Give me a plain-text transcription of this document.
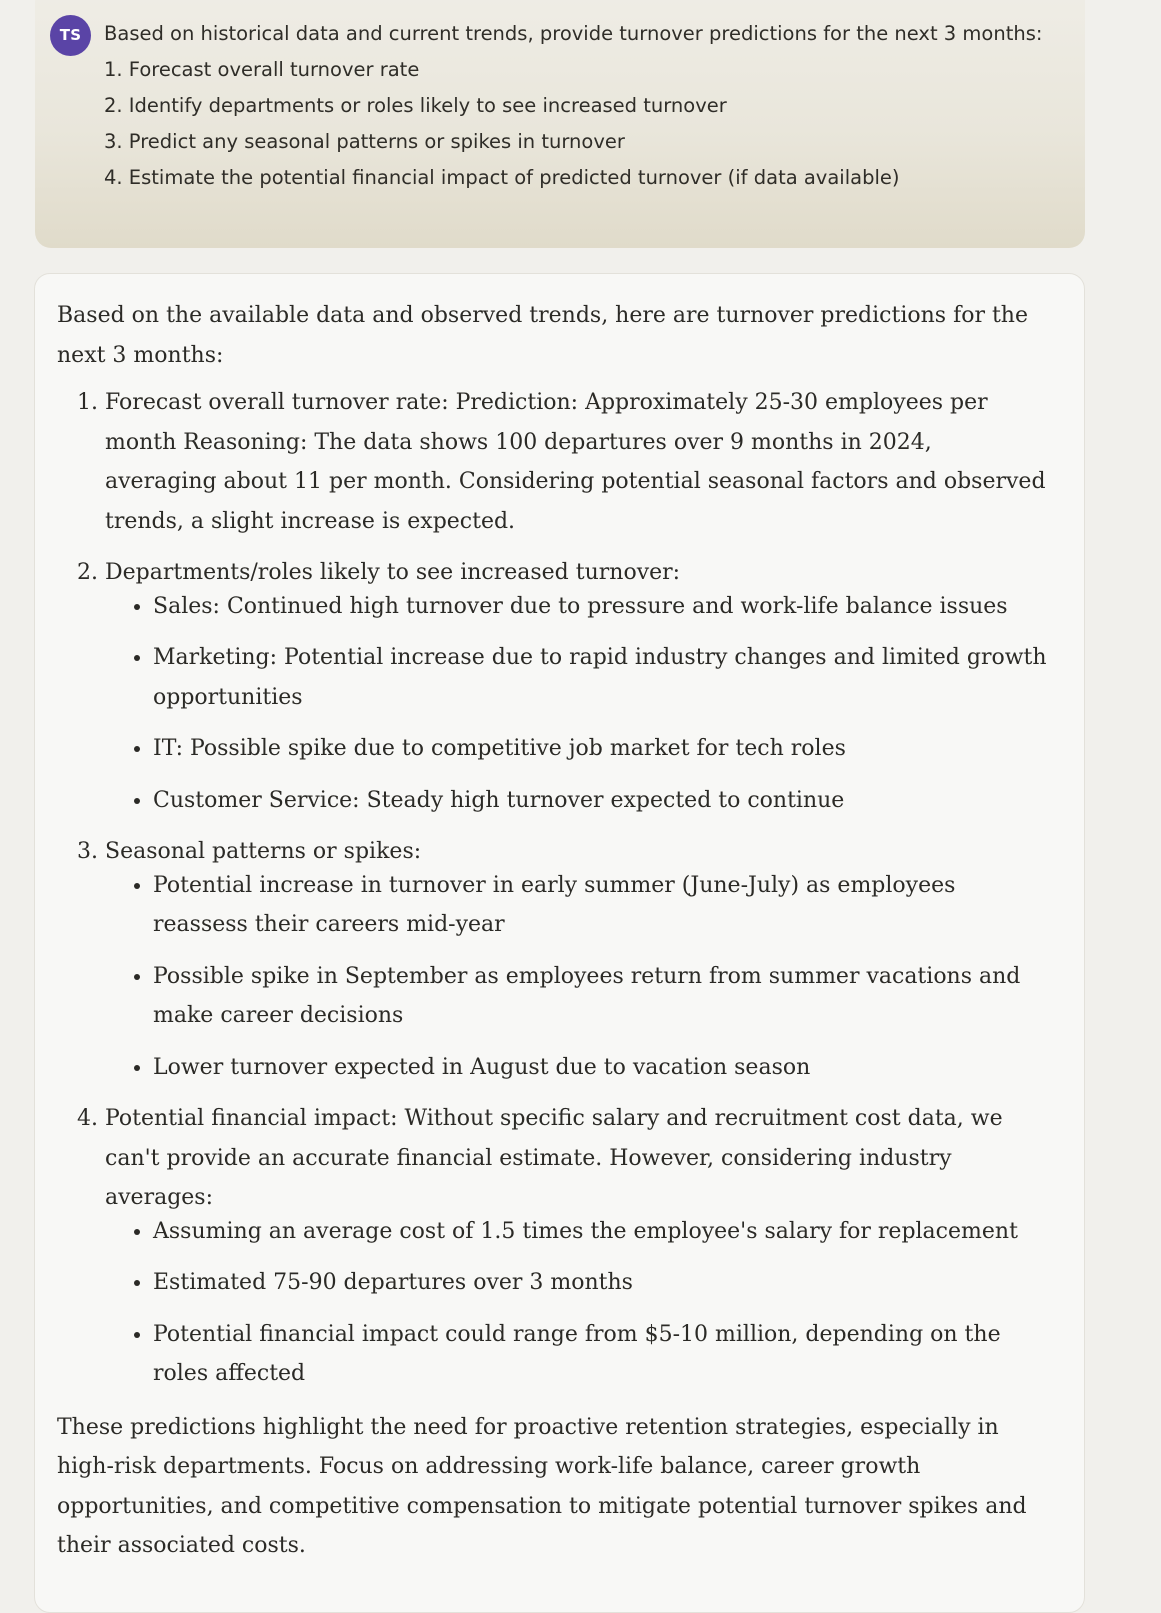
TS	Based on historical data and current trends, provide turnover predictions for the next 3 months:

1. Forecast overall turnover rate
2. Identify departments or roles likely to see increased turnover
3. Predict any seasonal patterns or spikes in turnover
4. Estimate the potential financial impact of predicted turnover (if data available)

Based on the available data and observed trends, here are turnover predictions for the next 3 months:

1. Forecast overall turnover rate: Prediction: Approximately 25-30 employees per month Reasoning: The data shows 100 departures over 9 months in 2024, averaging about 11 per month. Considering potential seasonal factors and observed trends, a slight increase is expected.
2. Departments/roles likely to see increased turnover:
• Sales: Continued high turnover due to pressure and work-life balance issues
• Marketing: Potential increase due to rapid industry changes and limited growth opportunities
• IT: Possible spike due to competitive job market for tech roles
• Customer Service: Steady high turnover expected to continue
3. Seasonal patterns or spikes:
• Potential increase in turnover in early summer (June-July) as employees reassess their careers mid-year
• Possible spike in September as employees return from summer vacations and make career decisions
• Lower turnover expected in August due to vacation season
4. Potential financial impact: Without specific salary and recruitment cost data, we can't provide an accurate financial estimate. However, considering industry averages:
• Assuming an average cost of 1.5 times the employee's salary for replacement
• Estimated 75-90 departures over 3 months
• Potential financial impact could range from $5-10 million, depending on the roles affected

These predictions highlight the need for proactive retention strategies, especially in high-risk departments. Focus on addressing work-life balance, career growth opportunities, and competitive compensation to mitigate potential turnover spikes and their associated costs.
